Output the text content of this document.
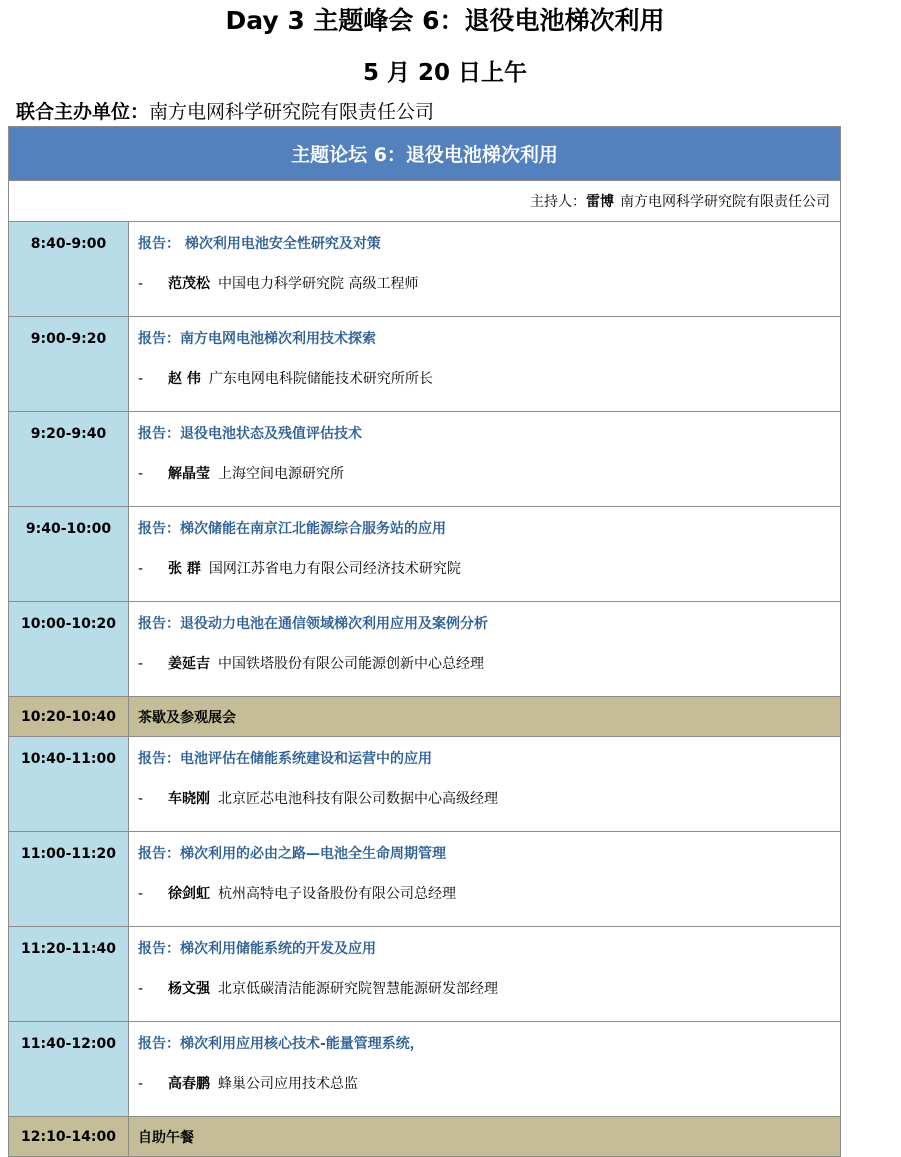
Day 3 主题峰会 6：退役电池梯次利用
5 月 20 日上午
联合主办单位：南方电网科学研究院有限责任公司
主题论坛 6：退役电池梯次利用	
主持人：雷博 南方电网科学研究院有限责任公司	
8:40-9:00	报告： 梯次利用电池安全性研究及对策
- 范茂松 中国电力科学研究院 高级工程师

9:00-9:20	报告：南方电网电池梯次利用技术探索
- 赵 伟 广东电网电科院储能技术研究所所长

9:20-9:40	报告：退役电池状态及残值评估技术
- 解晶莹 上海空间电源研究所

9:40-10:00	报告：梯次储能在南京江北能源综合服务站的应用
- 张 群 国网江苏省电力有限公司经济技术研究院

10:00-10:20	报告：退役动力电池在通信领域梯次利用应用及案例分析
- 姜延吉 中国铁塔股份有限公司能源创新中心总经理

10:20-10:40	茶歇及参观展会
10:40-11:00	报告：电池评估在储能系统建设和运营中的应用
- 车晓刚 北京匠芯电池科技有限公司数据中心高级经理

11:00-11:20	报告：梯次利用的必由之路—电池全生命周期管理
- 徐剑虹 杭州高特电子设备股份有限公司总经理

11:20-11:40	报告：梯次利用储能系统的开发及应用
- 杨文强 北京低碳清洁能源研究院智慧能源研发部经理

11:40-12:00	报告：梯次利用应用核心技术-能量管理系统，
- 高春鹏 蜂巢公司应用技术总监

12:10-14:00	自助午餐
